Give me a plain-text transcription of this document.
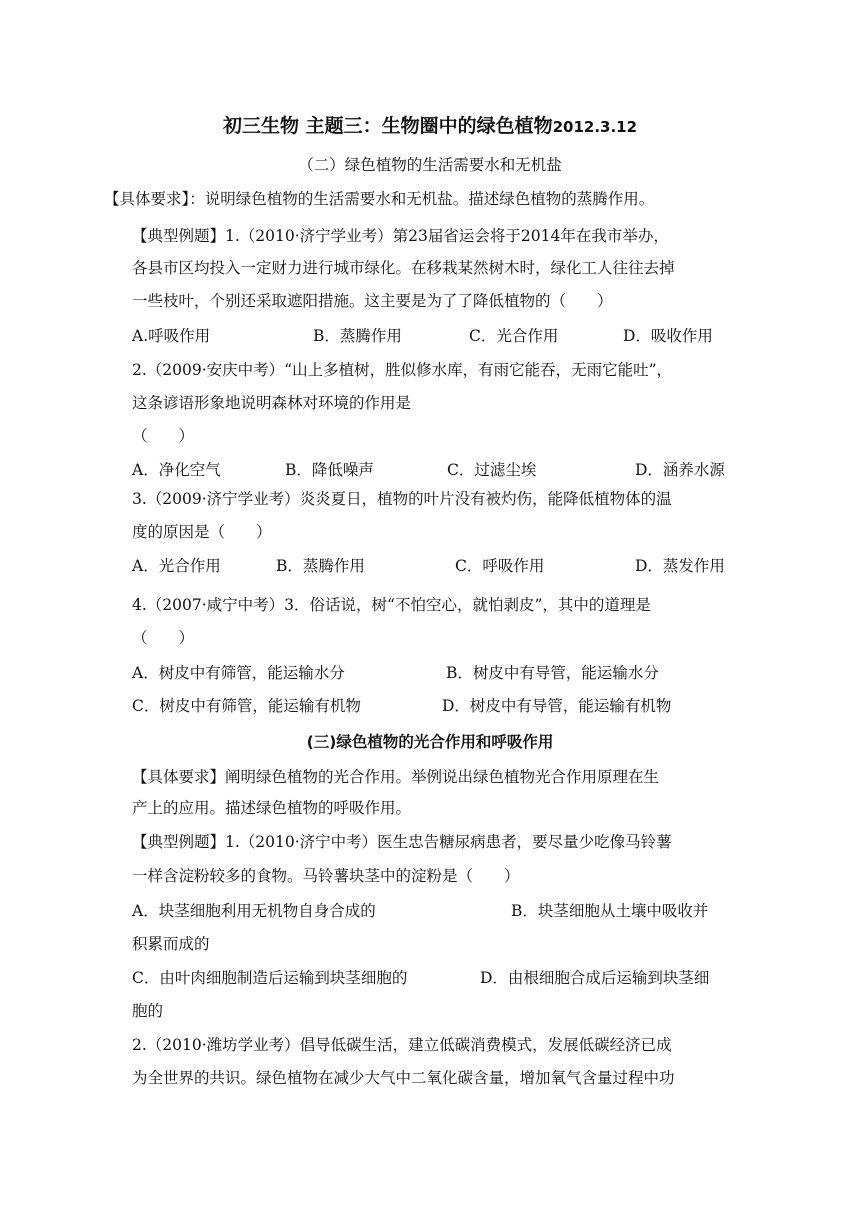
初三生物 主题三：生物圈中的绿色植物2012.3.12
（二）绿色植物的生活需要水和无机盐
【具体要求】：说明绿色植物的生活需要水和无机盐。描述绿色植物的蒸腾作用。
【典型例题】1.（2010·济宁学业考）第23届省运会将于2014年在我市举办，
各县市区均投入一定财力进行城市绿化。在移栽某然树木时，绿化工人往往去掉
一些枝叶，个别还采取遮阳措施。这主要是为了了降低植物的（　　）
A.呼吸作用	B．蒸腾作用	C．光合作用	D．吸收作用
2.（2009·安庆中考）“山上多植树，胜似修水库，有雨它能吞，无雨它能吐”，
这条谚语形象地说明森林对环境的作用是
（　　）
A．净化空气	B．降低噪声	C．过滤尘埃	D．涵养水源
3.（2009·济宁学业考）炎炎夏日，植物的叶片没有被灼伤，能降低植物体的温
度的原因是（　　）
A．光合作用	B．蒸腾作用	C．呼吸作用	D．蒸发作用
4.（2007·咸宁中考）3．俗话说，树“不怕空心，就怕剥皮”，其中的道理是
（　　）
A．树皮中有筛管，能运输水分	B．树皮中有导管，能运输水分
C．树皮中有筛管，能运输有机物	D．树皮中有导管，能运输有机物
(三)绿色植物的光合作用和呼吸作用
【具体要求】阐明绿色植物的光合作用。举例说出绿色植物光合作用原理在生
产上的应用。描述绿色植物的呼吸作用。
【典型例题】1.（2010·济宁中考）医生忠告糖尿病患者，要尽量少吃像马铃薯
一样含淀粉较多的食物。马铃薯块茎中的淀粉是（　　）
A．块茎细胞利用无机物自身合成的	B．块茎细胞从土壤中吸收并
积累而成的
C．由叶肉细胞制造后运输到块茎细胞的	D．由根细胞合成后运输到块茎细
胞的
2.（2010·潍坊学业考）倡导低碳生活，建立低碳消费模式，发展低碳经济已成
为全世界的共识。绿色植物在减少大气中二氧化碳含量，增加氧气含量过程中功
